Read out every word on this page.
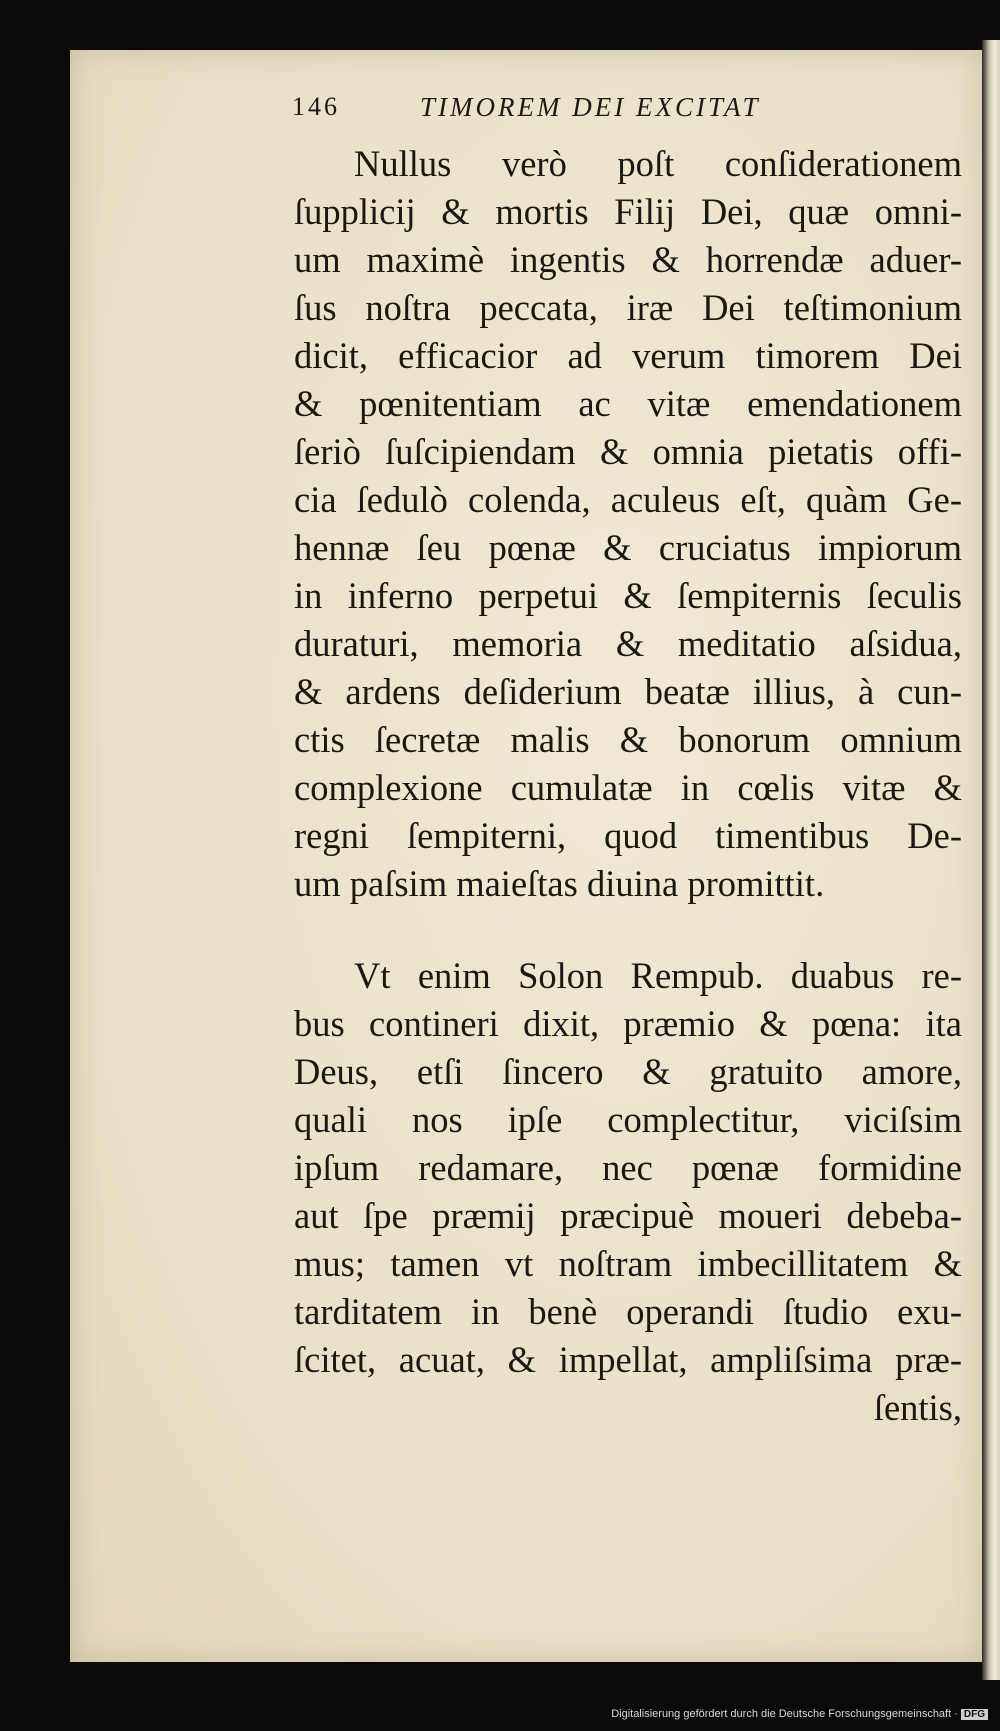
146	TIMOREM DEI EXCITAT
Nullus verò poſt conſiderationem
ſupplicij & mortis Filij Dei, quæ omni-
um maximè ingentis & horrendæ aduer-
ſus noſtra peccata, iræ Dei teſtimonium
dicit, efficacior ad verum timorem Dei
& pœnitentiam ac vitæ emendationem
ſeriò ſuſcipiendam & omnia pietatis offi-
cia ſedulò colenda, aculeus eſt, quàm Ge-
hennæ ſeu pœnæ & cruciatus impiorum
in inferno perpetui & ſempiternis ſeculis
duraturi, memoria & meditatio aſsidua,
& ardens deſiderium beatæ illius, à cun-
ctis ſecretæ malis & bonorum omnium
complexione cumulatæ in cœlis vitæ &
regni ſempiterni, quod timentibus De-
um paſsim maieſtas diuina promittit.
Vt enim Solon Rempub. duabus re-
bus contineri dixit, præmio & pœna: ita
Deus, etſi ſincero & gratuito amore,
quali nos ipſe complectitur, viciſsim
ipſum redamare, nec pœnæ formidine
aut ſpe præmij præcipuè moueri debeba-
mus; tamen vt noſtram imbecillitatem &
tarditatem in benè operandi ſtudio exu-
ſcitet, acuat, & impellat, ampliſsima præ-
ſentis,
Digitalisierung gefördert durch die Deutsche Forschungsgemeinschaft · DFG
